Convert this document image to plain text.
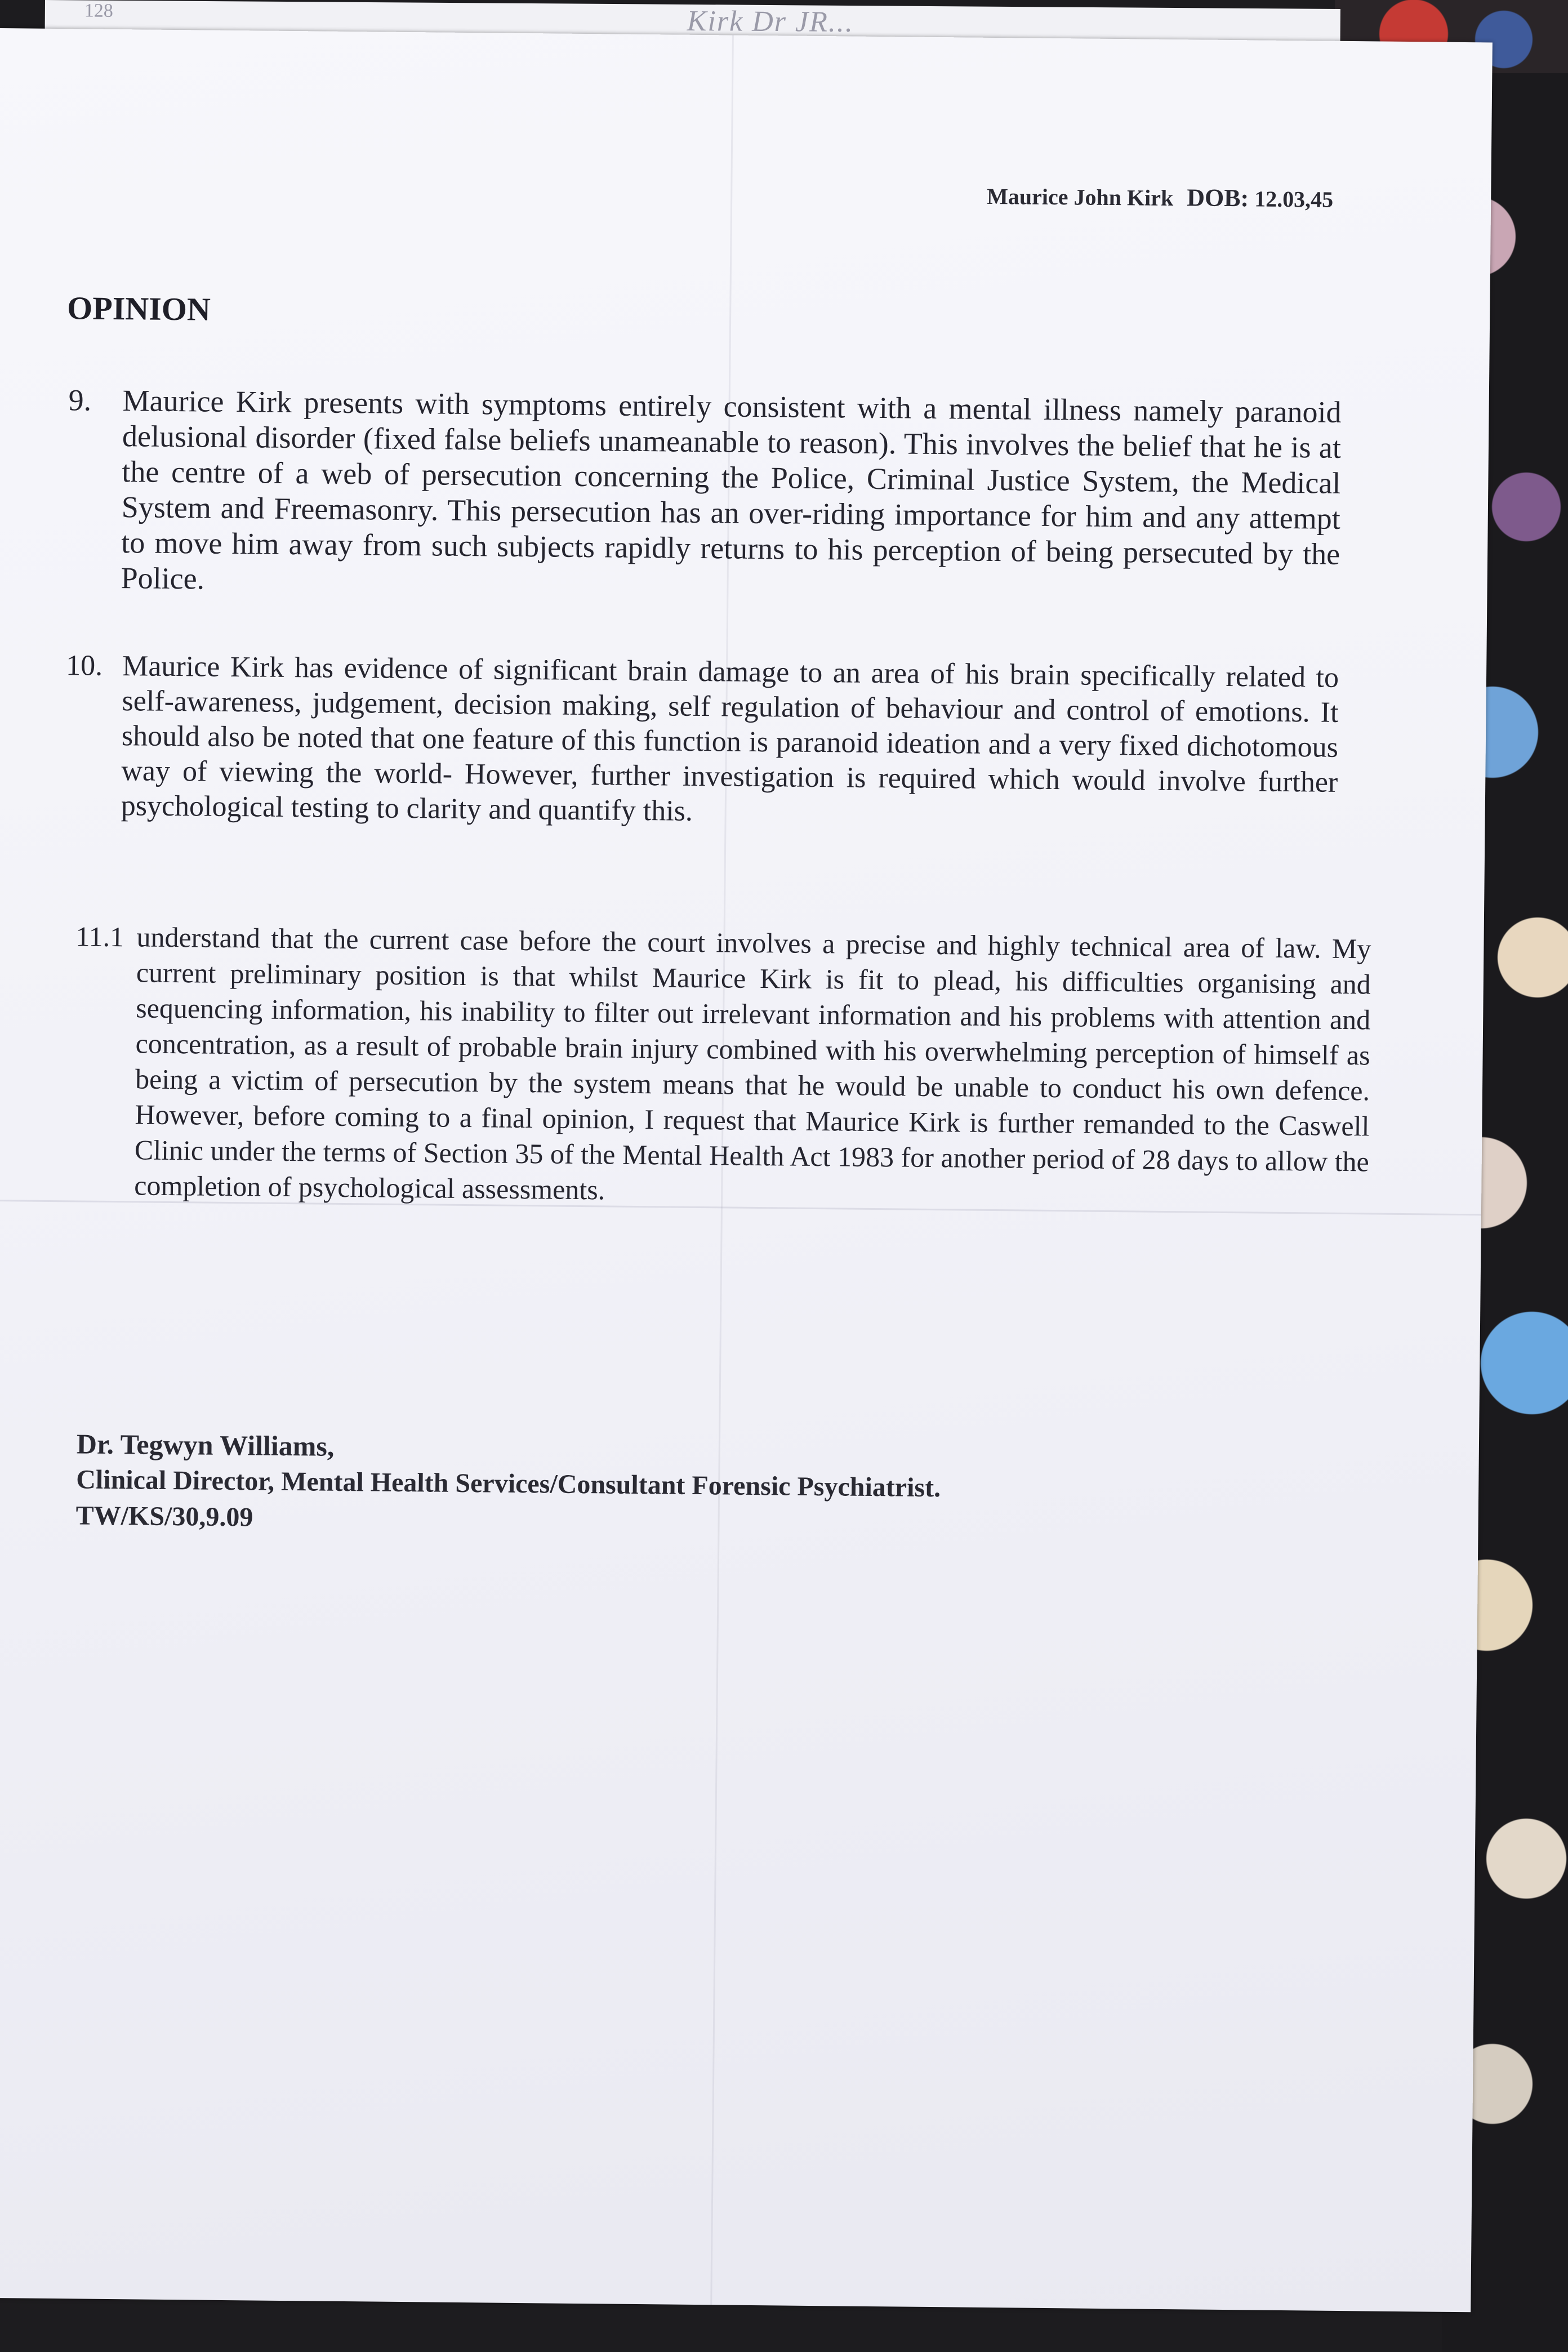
128	Kirk Dr JR...
Maurice John Kirk DOB: 12.03,45
OPINION
9.	Maurice Kirk presents with symptoms entirely consistent with a mental illness namely paranoid delusional disorder (fixed false beliefs unameanable to reason). This involves the belief that he is at the centre of a web of persecution concerning the Police, Criminal Justice System, the Medical System and Freemasonry. This persecution has an over-riding importance for him and any attempt to move him away from such subjects rapidly returns to his perception of being persecuted by the Police.

10. Maurice Kirk has evidence of significant brain damage to an area of his brain specifically related to self-awareness, judgement, decision making, self regulation of behaviour and control of emotions. It should also be noted that one feature of this function is paranoid ideation and a very fixed dichotomous way of viewing the world- However, further investigation is required which would involve further psychological testing to clarity and quantify this.

11.1 understand that the current case before the court involves a precise and highly technical area of law. My current preliminary position is that whilst Maurice Kirk is fit to plead, his difficulties organising and sequencing information, his inability to filter out irrelevant information and his problems with attention and concentration, as a result of probable brain injury combined with his overwhelming perception of himself as being a victim of persecution by the system means that he would be unable to conduct his own defence. However, before coming to a final opinion, I request that Maurice Kirk is further remanded to the Caswell Clinic under the terms of Section 35 of the Mental Health Act 1983 for another period of 28 days to allow the completion of psychological assessments.

Dr. Tegwyn Williams,
Clinical Director, Mental Health Services/Consultant Forensic Psychiatrist.
TW/KS/30,9.09
